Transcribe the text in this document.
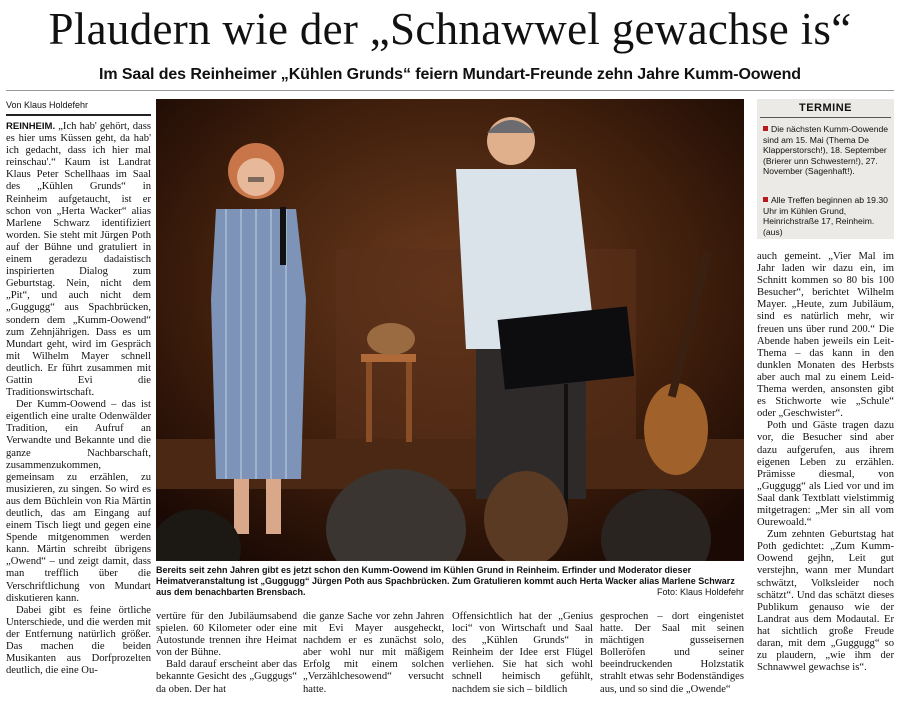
Plaudern wie der „Schnawwel gewachse is“
Im Saal des Reinheimer „Kühlen Grunds“ feiern Mundart-Freunde zehn Jahre Kumm-Oowend
Von Klaus Holdefehr

REINHEIM. „Ich hab' gehört, dass es hier ums Küssen geht, da hab' ich gedacht, dass ich hier mal reinschau'.“ Kaum ist Landrat Klaus Peter Schellhaas im Saal des „Kühlen Grunds“ in Reinheim aufgetaucht, ist er schon von „Herta Wacker“ alias Marlene Schwarz identifiziert worden. Sie steht mit Jürgen Poth auf der Bühne und gratuliert in einem geradezu dadaistisch inspirierten Dialog zum Geburtstag. Nein, nicht dem „Pit“, und auch nicht dem „Guggugg“ aus Spachbrücken, sondern dem „Kumm-Oowend“ zum Zehnjährigen. Dass es um Mundart geht, wird im Gespräch mit Wilhelm Mayer schnell deutlich. Er führt zusammen mit Gattin Evi die Traditionswirtschaft.

Der Kumm-Oowend – das ist eigentlich eine uralte Odenwälder Tradition, ein Aufruf an Verwandte und Bekannte und die ganze Nachbarschaft, zusammenzukommen, gemeinsam zu erzählen, zu musizieren, zu singen. So wird es aus dem Büchlein von Ria Märtin deutlich, das am Eingang auf einem Tisch liegt und gegen eine Spende mitgenommen werden kann. Märtin schreibt übrigens „Owend“ – und zeigt damit, dass man trefflich über die Verschriftlichung von Mundart diskutieren kann.

Dabei gibt es feine örtliche Unterschiede, und die werden mit der Entfernung natürlich größer. Das machen die beiden Musikanten aus Dorfprozelten deutlich, die eine Ou-

Bereits seit zehn Jahren gibt es jetzt schon den Kumm-Oowend im Kühlen Grund in Reinheim. Erfinder und Moderator dieser Heimatveranstaltung ist „Guggugg“ Jürgen Poth aus Spachbrücken. Zum Gratulieren kommt auch Herta Wacker alias Marlene Schwarz aus dem benachbarten Brensbach.	Foto: Klaus Holdefehr

vertüre für den Jubiläumsabend spielen. 60 Kilometer oder eine Autostunde trennen ihre Heimat von der Bühne.

Bald darauf erscheint aber das bekannte Gesicht des „Guggugs“ da oben. Der hat

die ganze Sache vor zehn Jahren mit Evi Mayer ausgeheckt, nachdem er es zunächst solo, aber wohl nur mit mäßigem Erfolg mit einem solchen „Verzählchesowend“ versucht hatte.

Offensichtlich hat der „Genius loci“ von Wirtschaft und Saal des „Kühlen Grunds“ in Reinheim der Idee erst Flügel verliehen. Sie hat sich wohl schnell heimisch gefühlt, nachdem sie sich – bildlich

gesprochen – dort eingenistet hatte. Der Saal mit seinen mächtigen gusseisernen Bolleröfen und seiner beeindruckenden Holzstatik strahlt etwas sehr Bodenständiges aus, und so sind die „Owende“

TERMINE
Die nächsten Kumm-Oowende sind am 15. Mai (Thema De Klapperstorsch!), 18. September (Brierer unn Schwestern!), 27. November (Sagenhaft!).
Alle Treffen beginnen ab 19.30 Uhr im Kühlen Grund, Heinrichstraße 17, Reinheim. (aus)

auch gemeint. „Vier Mal im Jahr laden wir dazu ein, im Schnitt kommen so 80 bis 100 Besucher“, berichtet Wilhelm Mayer. „Heute, zum Jubiläum, sind es natürlich mehr, wir freuen uns über rund 200.“ Die Abende haben jeweils ein Leit-Thema – das kann in den dunklen Monaten des Herbsts aber auch mal zu einem Leid-Thema werden, ansonsten gibt es Stichworte wie „Schule“ oder „Geschwister“.

Poth und Gäste tragen dazu vor, die Besucher sind aber dazu aufgerufen, aus ihrem eigenen Leben zu erzählen. Prämisse diesmal, von „Guggugg“ als Lied vor und im Saal dank Textblatt vielstimmig mitgetragen: „Mer sin all vom Ourewoald.“

Zum zehnten Geburtstag hat Poth gedichtet: „Zum Kumm-Oowend gejhn, Leit gut verstejhn, wann mer Mundart schwätzt, Volksleider noch schätzt“. Und das schätzt dieses Publikum genauso wie der Landrat aus dem Modautal. Er hat sichtlich große Freude daran, mit dem „Guggugg“ so zu plaudern, „wie ihm der Schnawwel gewachse is“.
